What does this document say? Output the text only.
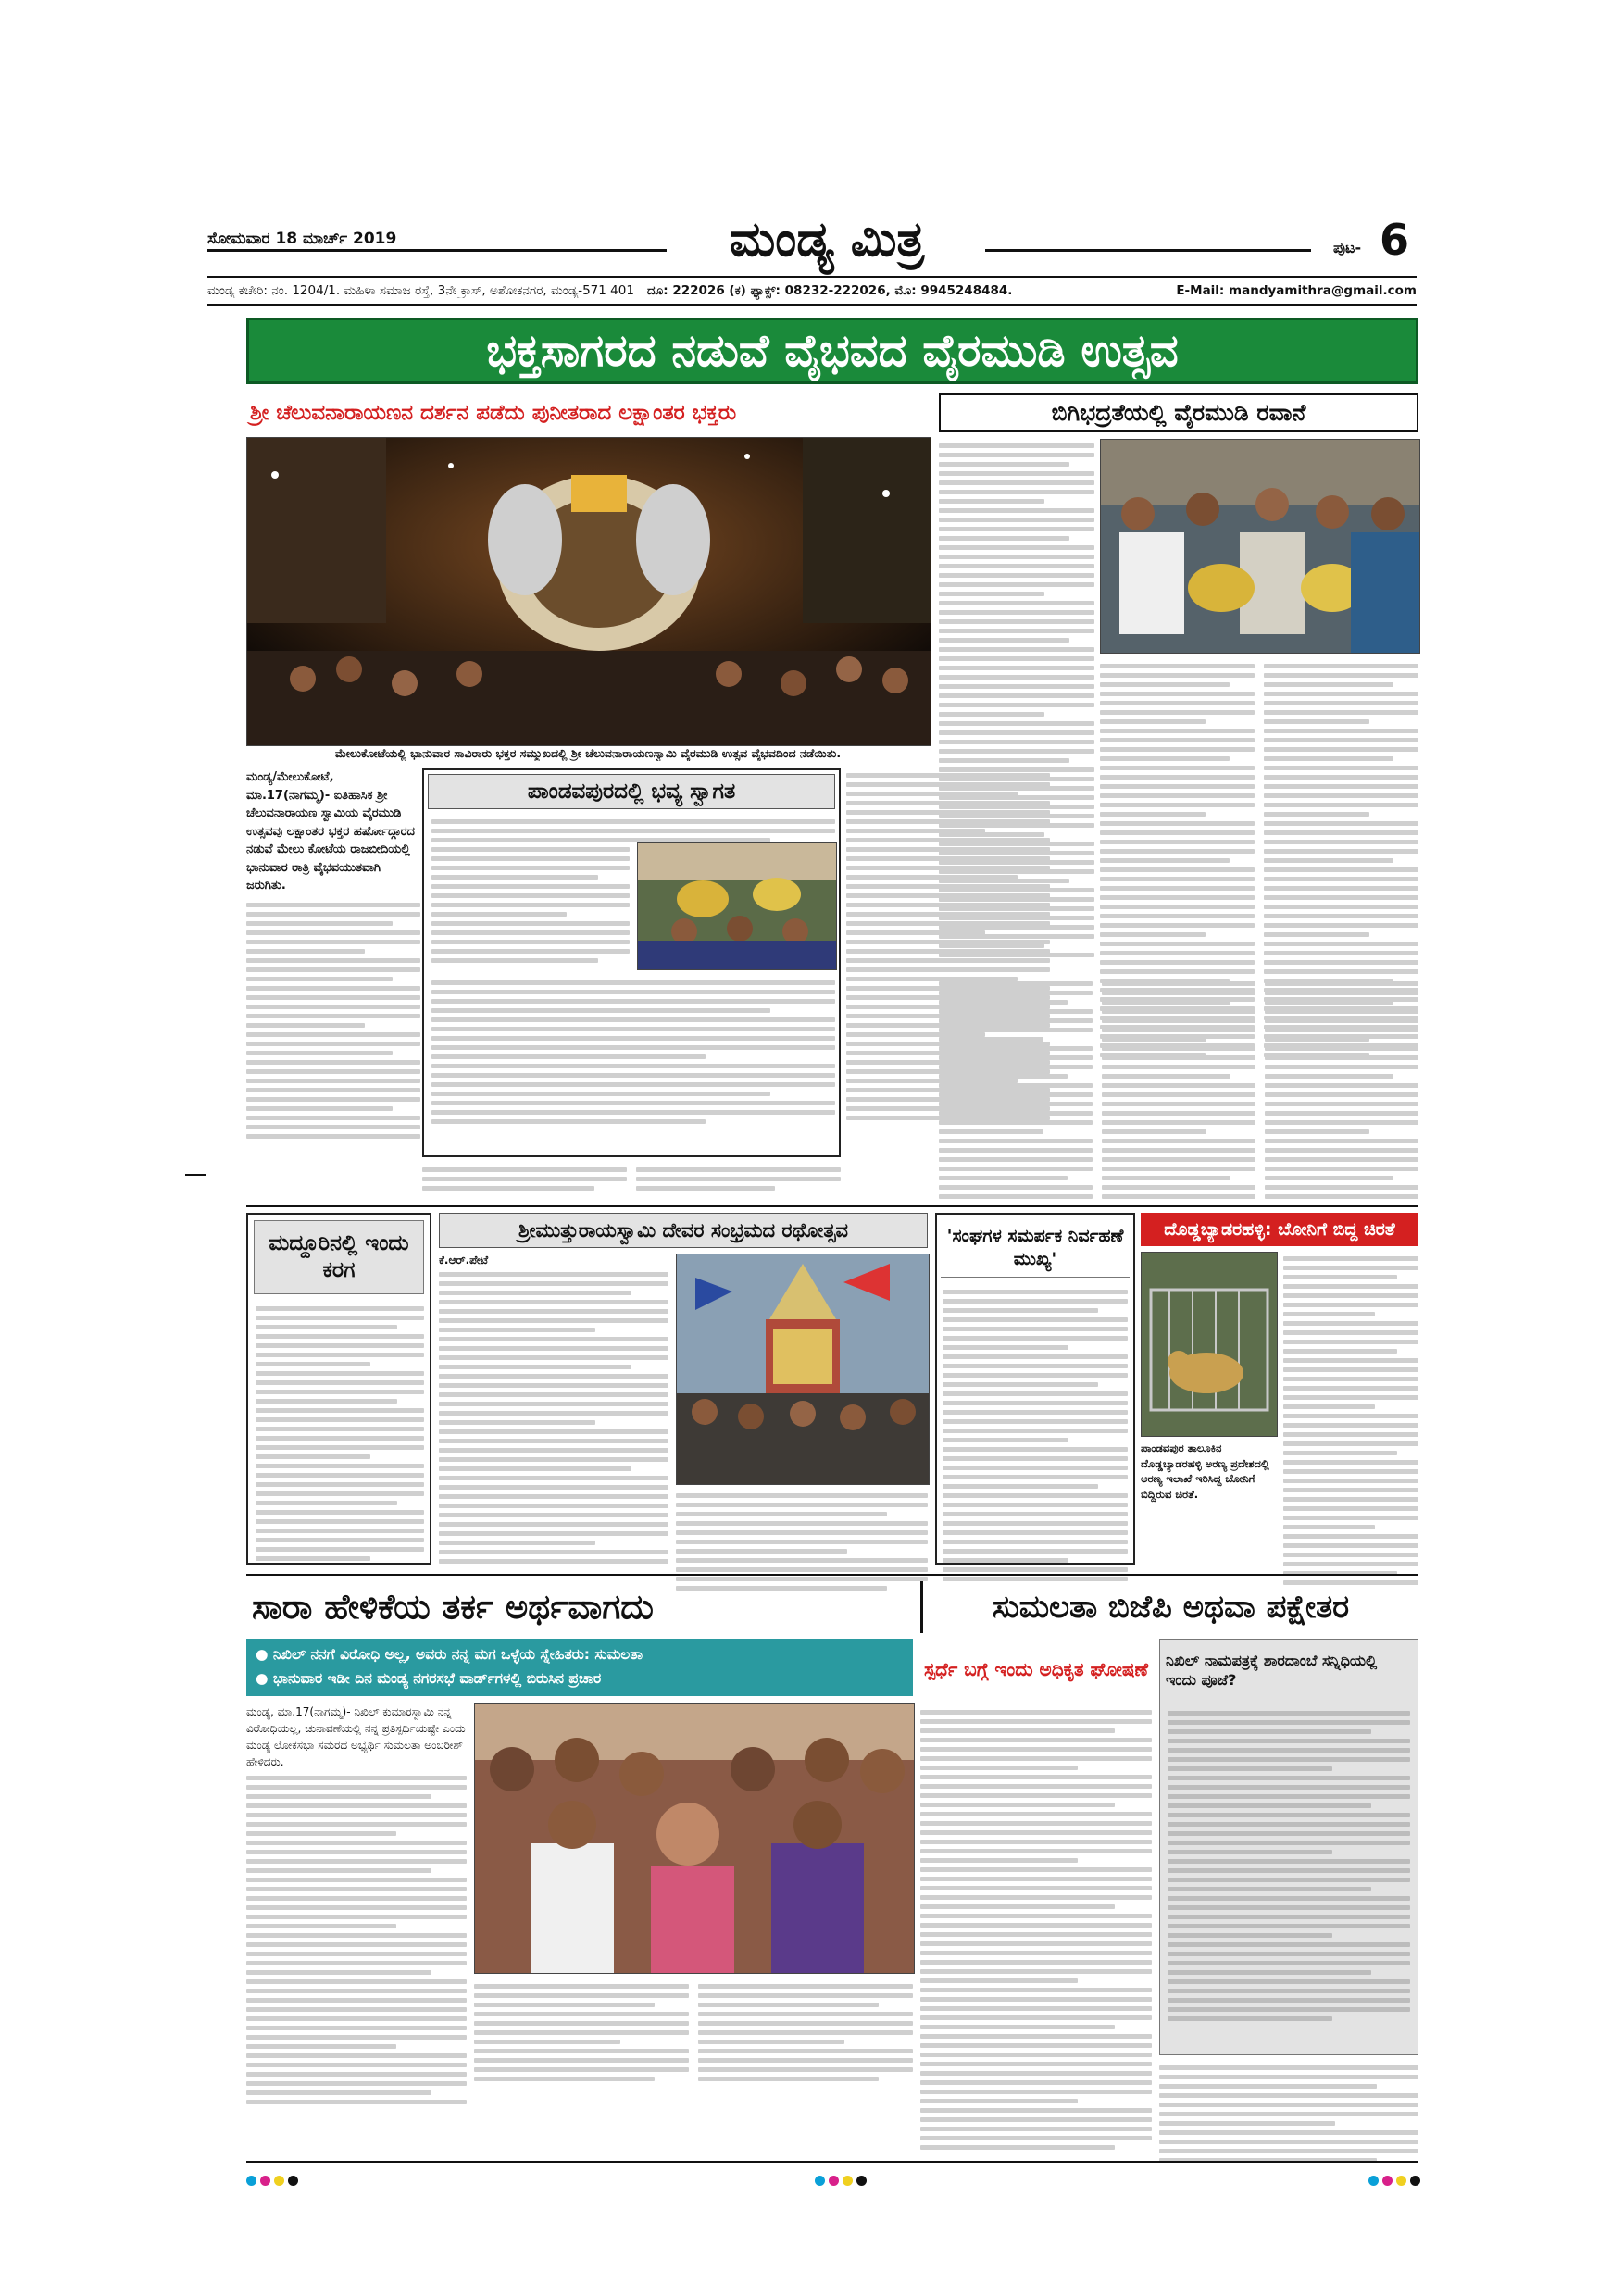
ಸೋಮವಾರ 18 ಮಾರ್ಚ್ 2019	ಮಂಡ್ಯ ಮಿತ್ರ	ಪುಟ- 6
ಮಂಡ್ಯ ಕಚೇರಿ: ನಂ. 1204/1. ಮಹಿಳಾ ಸಮಾಜ ರಸ್ತೆ, 3ನೇ ಕ್ರಾಸ್, ಅಶೋಕನಗರ, ಮಂಡ್ಯ-571 401 ದೂ: 222026 (ಕ) ಫ್ಯಾಕ್ಸ್: 08232-222026, ಮೊ: 9945248484.	E-Mail: mandyamithra@gmail.com
ಭಕ್ತಸಾಗರದ ನಡುವೆ ವೈಭವದ ವೈರಮುಡಿ ಉತ್ಸವ
ಶ್ರೀ ಚೆಲುವನಾರಾಯಣನ ದರ್ಶನ ಪಡೆದು ಪುನೀತರಾದ ಲಕ್ಷಾಂತರ ಭಕ್ತರು
ಮೇಲುಕೋಟೆಯಲ್ಲಿ ಭಾನುವಾರ ಸಾವಿರಾರು ಭಕ್ತರ ಸಮ್ಮುಖದಲ್ಲಿ ಶ್ರೀ ಚೆಲುವನಾರಾಯಣಸ್ವಾಮಿ ವೈರಮುಡಿ ಉತ್ಸವ ವೈಭವದಿಂದ ನಡೆಯಿತು.
ಮಂಡ್ಯ/ಮೇಲುಕೋಟೆ, ಮಾ.17(ನಾಗಮ್ಮ)- ಐತಿಹಾಸಿಕ ಶ್ರೀ ಚೆಲುವನಾರಾಯಣ ಸ್ವಾಮಿಯ ವೈರಮುಡಿ ಉತ್ಸವವು ಲಕ್ಷಾಂತರ ಭಕ್ತರ ಹರ್ಷೋದ್ಗಾರದ ನಡುವೆ ಮೇಲು ಕೋಟೆಯ ರಾಜಬೀದಿಯಲ್ಲಿ ಭಾನುವಾರ ರಾತ್ರಿ ವೈಭವಯುತವಾಗಿ ಜರುಗಿತು.
ಪಾಂಡವಪುರದಲ್ಲಿ ಭವ್ಯ ಸ್ವಾಗತ
ಬಿಗಿಭದ್ರತೆಯಲ್ಲಿ ವೈರಮುಡಿ ರವಾನೆ
ಮದ್ದೂರಿನಲ್ಲಿ ಇಂದು ಕರಗ
ಶ್ರೀಮುತ್ತುರಾಯಸ್ವಾಮಿ ದೇವರ ಸಂಭ್ರಮದ ರಥೋತ್ಸವ
ಕೆ.ಆರ್.ಪೇಟೆ
'ಸಂಘಗಳ ಸಮರ್ಪಕ ನಿರ್ವಹಣೆ ಮುಖ್ಯ'
ದೊಡ್ಡಬ್ಯಾಡರಹಳ್ಳಿ: ಬೋನಿಗೆ ಬಿದ್ದ ಚಿರತೆ
ಪಾಂಡವಪುರ ತಾಲೂಕಿನ ದೊಡ್ಡಬ್ಯಾಡರಹಳ್ಳಿ ಅರಣ್ಯ ಪ್ರದೇಶದಲ್ಲಿ ಅರಣ್ಯ ಇಲಾಖೆ ಇರಿಸಿದ್ದ ಬೋನಿಗೆ ಬಿದ್ದಿರುವ ಚಿರತೆ.
ಸಾರಾ ಹೇಳಿಕೆಯ ತರ್ಕ ಅರ್ಥವಾಗದು	ಸುಮಲತಾ ಬಿಜೆಪಿ ಅಥವಾ ಪಕ್ಷೇತರ
● ನಿಖಿಲ್ ನನಗೆ ವಿರೋಧಿ ಅಲ್ಲ, ಅವರು ನನ್ನ ಮಗ ಒಳ್ಳೆಯ ಸ್ನೇಹಿತರು: ಸುಮಲತಾ
● ಭಾನುವಾರ ಇಡೀ ದಿನ ಮಂಡ್ಯ ನಗರಸಭೆ ವಾರ್ಡ್‌ಗಳಲ್ಲಿ ಬಿರುಸಿನ ಪ್ರಚಾರ
ಮಂಡ್ಯ, ಮಾ.17(ನಾಗಮ್ಮ)- ನಿಖಿಲ್ ಕುಮಾರಸ್ವಾಮಿ ನನ್ನ ವಿರೋಧಿಯಲ್ಲ, ಚುನಾವಣೆಯಲ್ಲಿ ನನ್ನ ಪ್ರತಿಸ್ಪರ್ಧಿಯಷ್ಟೇ ಎಂದು ಮಂಡ್ಯ ಲೋಕಸಭಾ ಸಮರದ ಅಭ್ಯರ್ಥಿ ಸುಮಲತಾ ಅಂಬರೀಶ್ ಹೇಳಿದರು.
ಸ್ಪರ್ಧೆ ಬಗ್ಗೆ ಇಂದು ಅಧಿಕೃತ ಘೋಷಣೆ ನಿಖಿಲ್ ನಾಮಪತ್ರಕ್ಕೆ ಶಾರದಾಂಬೆ ಸನ್ನಿಧಿಯಲ್ಲಿ ಇಂದು ಪೂಜೆ?
